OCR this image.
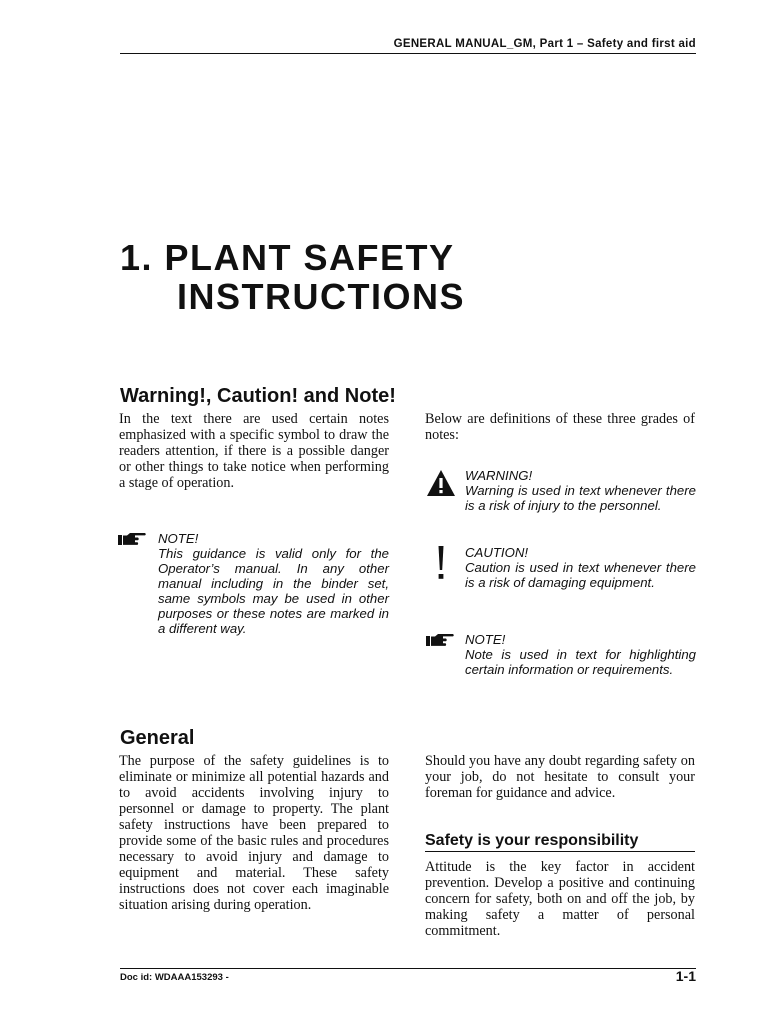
GENERAL MANUAL_GM, Part 1 – Safety and first aid
1. PLANT SAFETY
INSTRUCTIONS
Warning!, Caution! and Note!

In the text there are used certain notes emphasized with a specific symbol to draw the readers attention, if there is a possible danger or other things to take notice when performing a stage of operation.

NOTE!

This guidance is valid only for the Operator’s manual. In any other manual including in the binder set, same symbols may be used in other purposes or these notes are marked in a different way.

Below are definitions of these three grades of notes:

WARNING!

Warning is used in text whenever there is a risk of injury to the personnel.

CAUTION!

Caution is used in text whenever there is a risk of damaging equipment.

NOTE!

Note is used in text for highlighting certain information or requirements.

General

The purpose of the safety guidelines is to eliminate or minimize all potential hazards and to avoid accidents involving injury to personnel or damage to property. The plant safety instructions have been prepared to provide some of the basic rules and procedures necessary to avoid injury and damage to equipment and material. These safety instructions does not cover each imaginable situation arising during operation.

Should you have any doubt regarding safety on your job, do not hesitate to consult your foreman for guidance and advice.

Safety is your responsibility

Attitude is the key factor in accident prevention. Develop a positive and continuing concern for safety, both on and off the job, by making safety a matter of personal commitment.

Doc id: WDAAA153293 -	1-1
